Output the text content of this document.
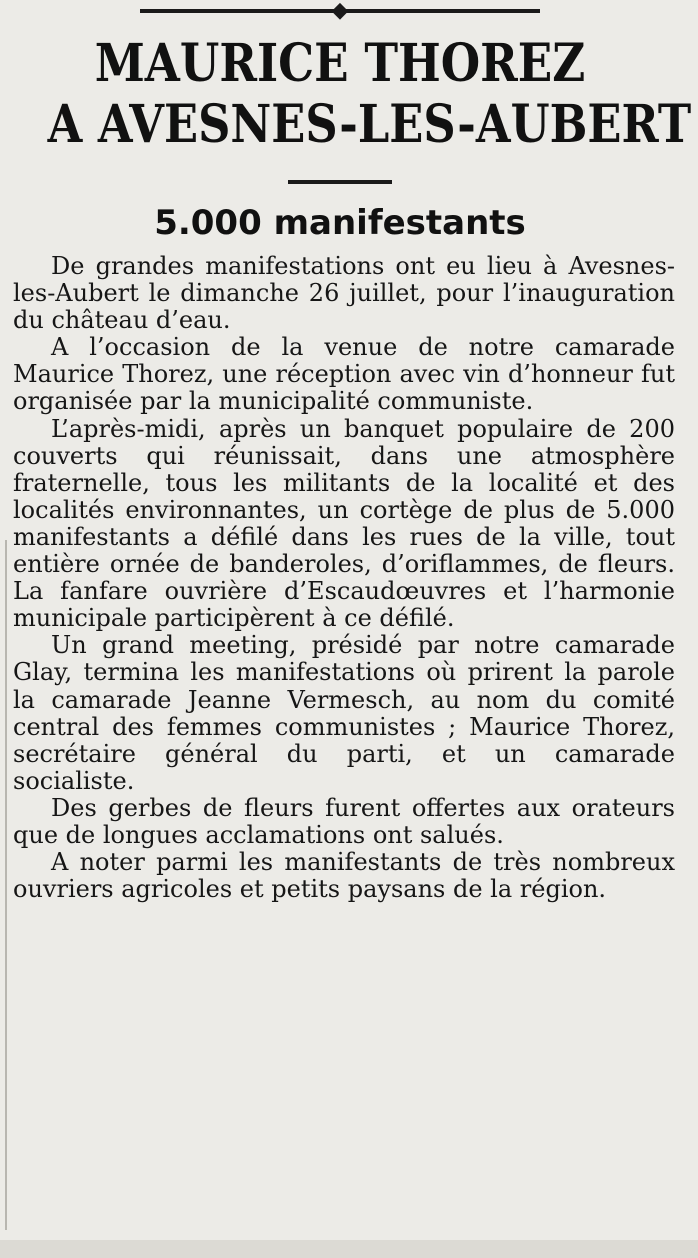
◆
MAURICE THOREZ
A AVESNES-LES-AUBERT
5.000 manifestants

De grandes manifestations ont eu lieu à Avesnes-les-Aubert le dimanche 26 juillet, pour l’inauguration du château d’eau.

A l’occasion de la venue de notre camarade Maurice Thorez, une réception avec vin d’honneur fut organisée par la municipalité communiste.

L’après-midi, après un banquet populaire de 200 couverts qui réunissait, dans une atmosphère fraternelle, tous les militants de la localité et des localités environnantes, un cortège de plus de 5.000 manifestants a défilé dans les rues de la ville, tout entière ornée de banderoles, d’oriflammes, de fleurs. La fanfare ouvrière d’Escaudœuvres et l’harmonie municipale participèrent à ce défilé.

Un grand meeting, présidé par notre camarade Glay, termina les manifestations où prirent la parole la camarade Jeanne Vermesch, au nom du comité central des femmes communistes ; Maurice Thorez, secrétaire général du parti, et un camarade socialiste.

Des gerbes de fleurs furent offertes aux orateurs que de longues acclamations ont salués.

A noter parmi les manifestants de très nombreux ouvriers agricoles et petits paysans de la région.
